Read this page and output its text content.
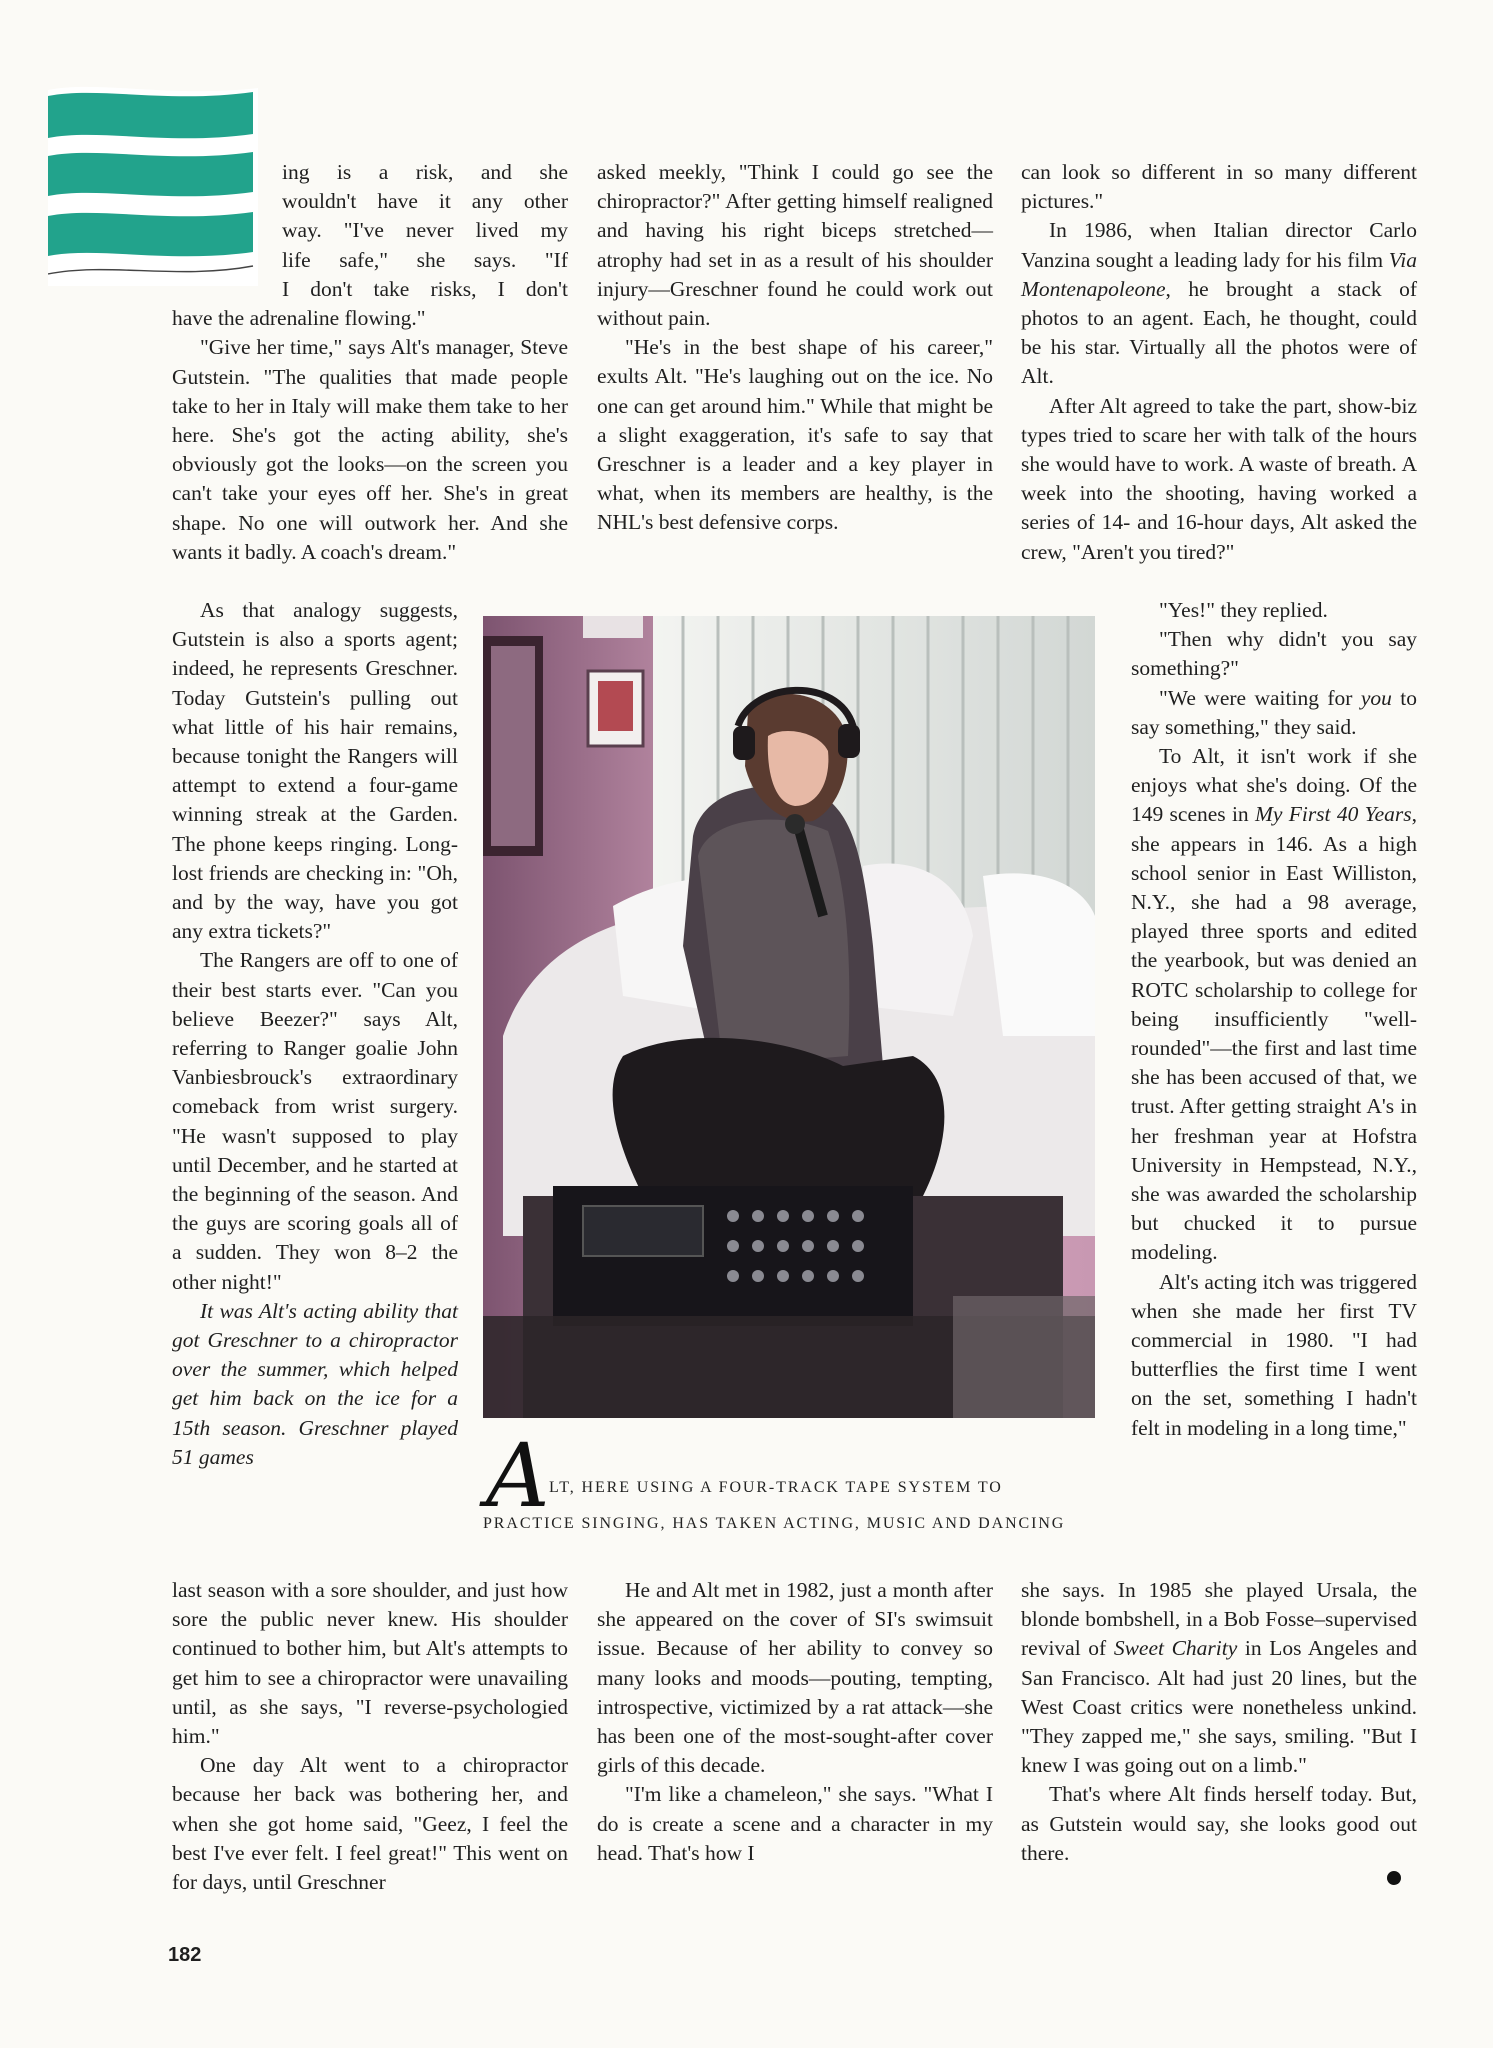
ing is a risk, and she

wouldn't have it any other

way. "I've never lived my

life safe," she says. "If

I don't take risks, I don't

have the adrenaline flowing."

"Give her time," says Alt's manager, Steve Gutstein. "The qualities that made people take to her in Italy will make them take to her here. She's got the acting ability, she's obviously got the looks—on the screen you can't take your eyes off her. She's in great shape. No one will outwork her. And she wants it badly. A coach's dream."

As that analogy suggests, Gutstein is also a sports agent; indeed, he represents Greschner. Today Gutstein's pulling out what little of his hair remains, because tonight the Rangers will attempt to extend a four-game winning streak at the Garden. The phone keeps ringing. Long-lost friends are checking in: "Oh, and by the way, have you got any extra tickets?"

The Rangers are off to one of their best starts ever. "Can you believe Beezer?" says Alt, referring to Ranger goalie John Vanbiesbrouck's extraordinary comeback from wrist surgery. "He wasn't supposed to play until December, and he started at the beginning of the season. And the guys are scoring goals all of a sudden. They won 8–2 the other night!"

It was Alt's acting ability that got Greschner to a chiropractor over the summer, which helped get him back on the ice for a 15th season. Greschner played 51 games

last season with a sore shoulder, and just how sore the public never knew. His shoulder continued to bother him, but Alt's attempts to get him to see a chiropractor were unavailing until, as she says, "I reverse-psychologied him."

One day Alt went to a chiropractor because her back was bothering her, and when she got home said, "Geez, I feel the best I've ever felt. I feel great!" This went on for days, until Greschner

asked meekly, "Think I could go see the chiropractor?" After getting himself realigned and having his right biceps stretched—atrophy had set in as a result of his shoulder injury—Greschner found he could work out without pain.

"He's in the best shape of his career," exults Alt. "He's laughing out on the ice. No one can get around him." While that might be a slight exaggeration, it's safe to say that Greschner is a leader and a key player in what, when its members are healthy, is the NHL's best defensive corps.

He and Alt met in 1982, just a month after she appeared on the cover of SI's swimsuit issue. Because of her ability to convey so many looks and moods—pouting, tempting, introspective, victimized by a rat attack—she has been one of the most-sought-after cover girls of this decade.

"I'm like a chameleon," she says. "What I do is create a scene and a character in my head. That's how I

can look so different in so many different pictures."

In 1986, when Italian director Carlo Vanzina sought a leading lady for his film Via Montenapoleone, he brought a stack of photos to an agent. Each, he thought, could be his star. Virtually all the photos were of Alt.

After Alt agreed to take the part, show-biz types tried to scare her with talk of the hours she would have to work. A waste of breath. A week into the shooting, having worked a series of 14- and 16-hour days, Alt asked the crew, "Aren't you tired?"

"Yes!" they replied.

"Then why didn't you say something?"

"We were waiting for you to say something," they said.

To Alt, it isn't work if she enjoys what she's doing. Of the 149 scenes in My First 40 Years, she appears in 146. As a high school senior in East Williston, N.Y., she had a 98 average, played three sports and edited the yearbook, but was denied an ROTC scholarship to college for being insufficiently "well-rounded"—the first and last time she has been accused of that, we trust. After getting straight A's in her freshman year at Hofstra University in Hempstead, N.Y., she was awarded the scholarship but chucked it to pursue modeling.

Alt's acting itch was triggered when she made her first TV commercial in 1980. "I had butterflies the first time I went on the set, something I hadn't felt in modeling in a long time,"

she says. In 1985 she played Ursala, the blonde bombshell, in a Bob Fosse–supervised revival of Sweet Charity in Los Angeles and San Francisco. Alt had just 20 lines, but the West Coast critics were nonetheless unkind. "They zapped me," she says, smiling. "But I knew I was going out on a limb."

That's where Alt finds herself today. But, as Gutstein would say, she looks good out there.

A LT, HERE USING A FOUR-TRACK TAPE SYSTEM TO
PRACTICE SINGING, HAS TAKEN ACTING, MUSIC AND DANCING
182
